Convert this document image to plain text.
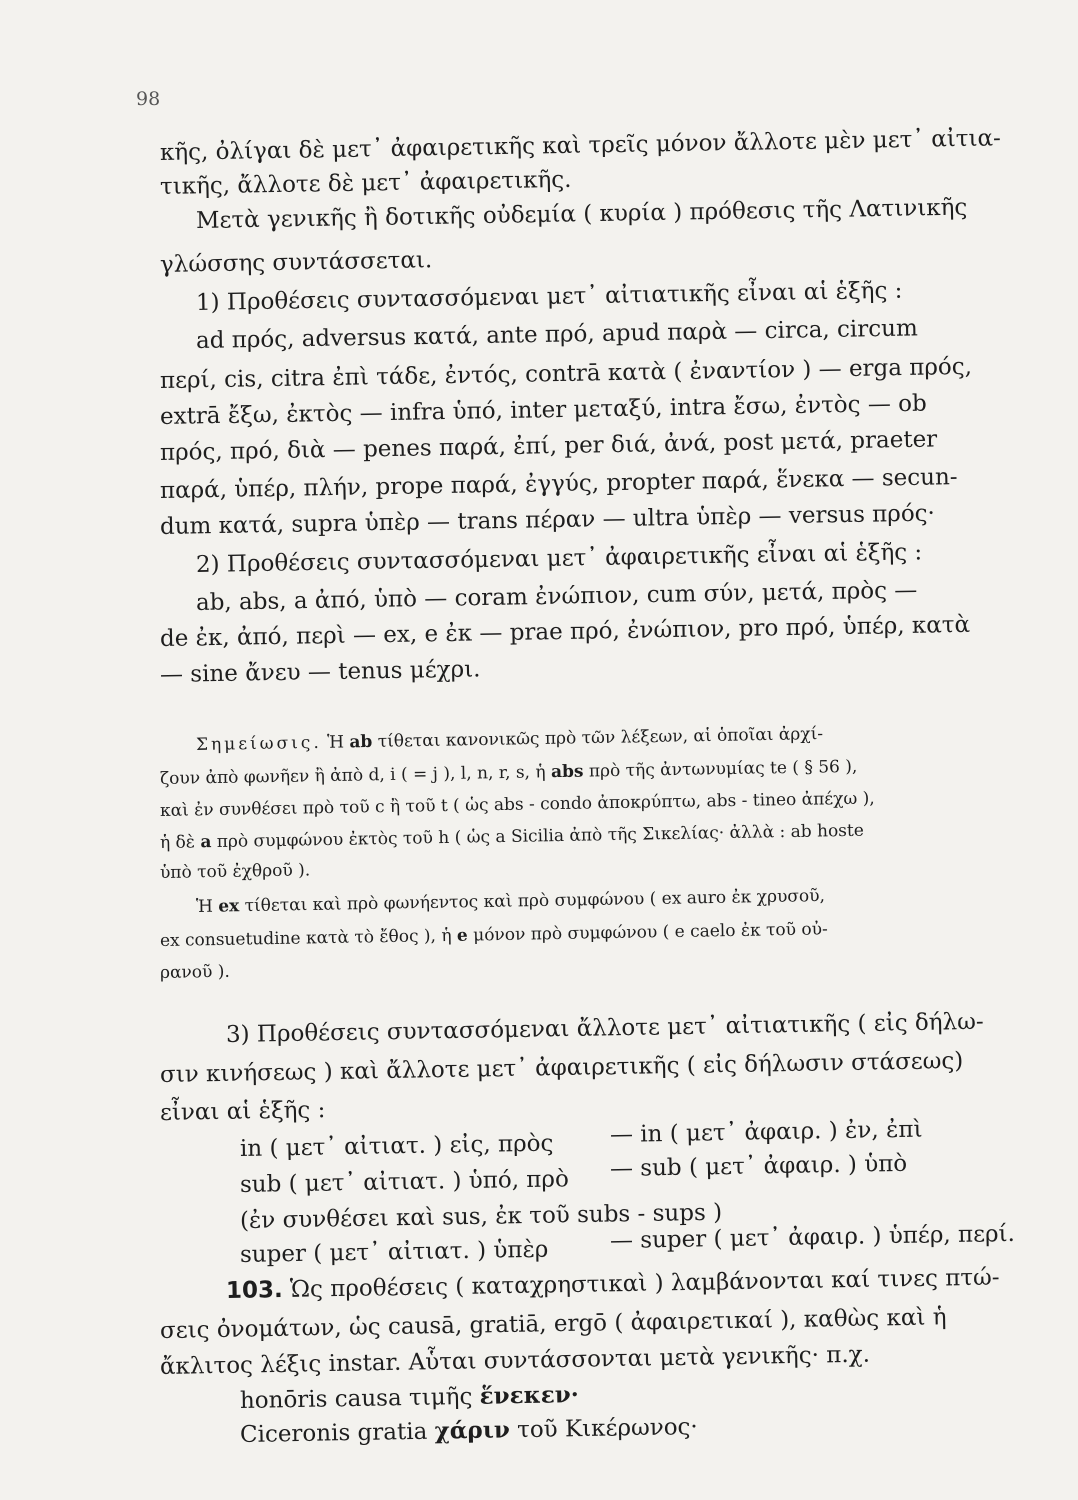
98
κῆς, ὀλίγαι δὲ μετ᾽ ἀφαιρετικῆς καὶ τρεῖς μόνον ἄλλοτε μὲν μετ᾽ αἰτια-
τικῆς, ἄλλοτε δὲ μετ᾽ ἀφαιρετικῆς.
Μετὰ γενικῆς ἢ δοτικῆς οὐδεμία ( κυρία ) πρόθεσις τῆς Λατινικῆς
γλώσσης συντάσσεται.
1) Προθέσεις συντασσόμεναι μετ᾽ αἰτιατικῆς εἶναι αἱ ἑξῆς :
ad πρός, adversus κατά, ante πρό, apud παρὰ — circa, circum
περί, cis, citra ἐπὶ τάδε, ἐντός, contrā κατὰ ( ἐναντίον ) — erga πρός,
extrā ἔξω, ἐκτὸς — infra ὑπό, inter μεταξύ, intra ἔσω, ἐντὸς — ob
πρός, πρό, διὰ — penes παρά, ἐπί, per διά, ἀνά, post μετά, praeter
παρά, ὑπέρ, πλήν, prope παρά, ἐγγύς, propter παρά, ἕνεκα — secun-
dum κατά, supra ὑπὲρ — trans πέραν — ultra ὑπὲρ — versus πρός·
2) Προθέσεις συντασσόμεναι μετ᾽ ἀφαιρετικῆς εἶναι αἱ ἑξῆς :
ab, abs, a ἀπό, ὑπὸ — coram ἐνώπιον, cum σύν, μετά, πρὸς —
de ἐκ, ἀπό, περὶ — ex, e ἐκ — prae πρό, ἐνώπιον, pro πρό, ὑπέρ, κατὰ
— sine ἄνευ — tenus μέχρι.
Σημείωσις. Ἡ ab τίθεται κανονικῶς πρὸ τῶν λέξεων, αἱ ὁποῖαι ἀρχί-
ζουν ἀπὸ φωνῆεν ἢ ἀπὸ d, i ( = j ), l, n, r, s, ἡ abs πρὸ τῆς ἀντωνυμίας te ( § 56 ),
καὶ ἐν συνθέσει πρὸ τοῦ c ἢ τοῦ t ( ὡς abs - condo ἀποκρύπτω, abs - tineo ἀπέχω ),
ἡ δὲ a πρὸ συμφώνου ἐκτὸς τοῦ h ( ὡς a Sicilia ἀπὸ τῆς Σικελίας· ἀλλὰ : ab hoste
ὑπὸ τοῦ ἐχθροῦ ).
Ἡ ex τίθεται καὶ πρὸ φωνήεντος καὶ πρὸ συμφώνου ( ex auro ἐκ χρυσοῦ,
ex consuetudine κατὰ τὸ ἔθος ), ἡ e μόνον πρὸ συμφώνου ( e caelo ἐκ τοῦ οὐ-
ρανοῦ ).
3) Προθέσεις συντασσόμεναι ἄλλοτε μετ᾽ αἰτιατικῆς ( εἰς δήλω-
σιν κινήσεως ) καὶ ἄλλοτε μετ᾽ ἀφαιρετικῆς ( εἰς δήλωσιν στάσεως)
εἶναι αἱ ἑξῆς :
in ( μετ᾽ αἰτιατ. ) εἰς, πρὸς — in ( μετ᾽ ἀφαιρ. ) ἐν, ἐπὶ
sub ( μετ᾽ αἰτιατ. ) ὑπό, πρὸ — sub ( μετ᾽ ἀφαιρ. ) ὑπὸ
(ἐν συνθέσει καὶ sus, ἐκ τοῦ subs - sups )
super ( μετ᾽ αἰτιατ. ) ὑπὲρ	— super ( μετ᾽ ἀφαιρ. ) ὑπέρ, περί.
103. Ὡς προθέσεις ( καταχρηστικαὶ ) λαμβάνονται καί τινες πτώ-
σεις ὀνομάτων, ὡς causā, gratiā, ergō ( ἀφαιρετικαί ), καθὼς καὶ ἡ
ἄκλιτος λέξις instar. Αὗται συντάσσονται μετὰ γενικῆς· π.χ.
honōris causa τιμῆς ἕνεκεν·
Ciceronis gratia χάριν τοῦ Κικέρωνος·
